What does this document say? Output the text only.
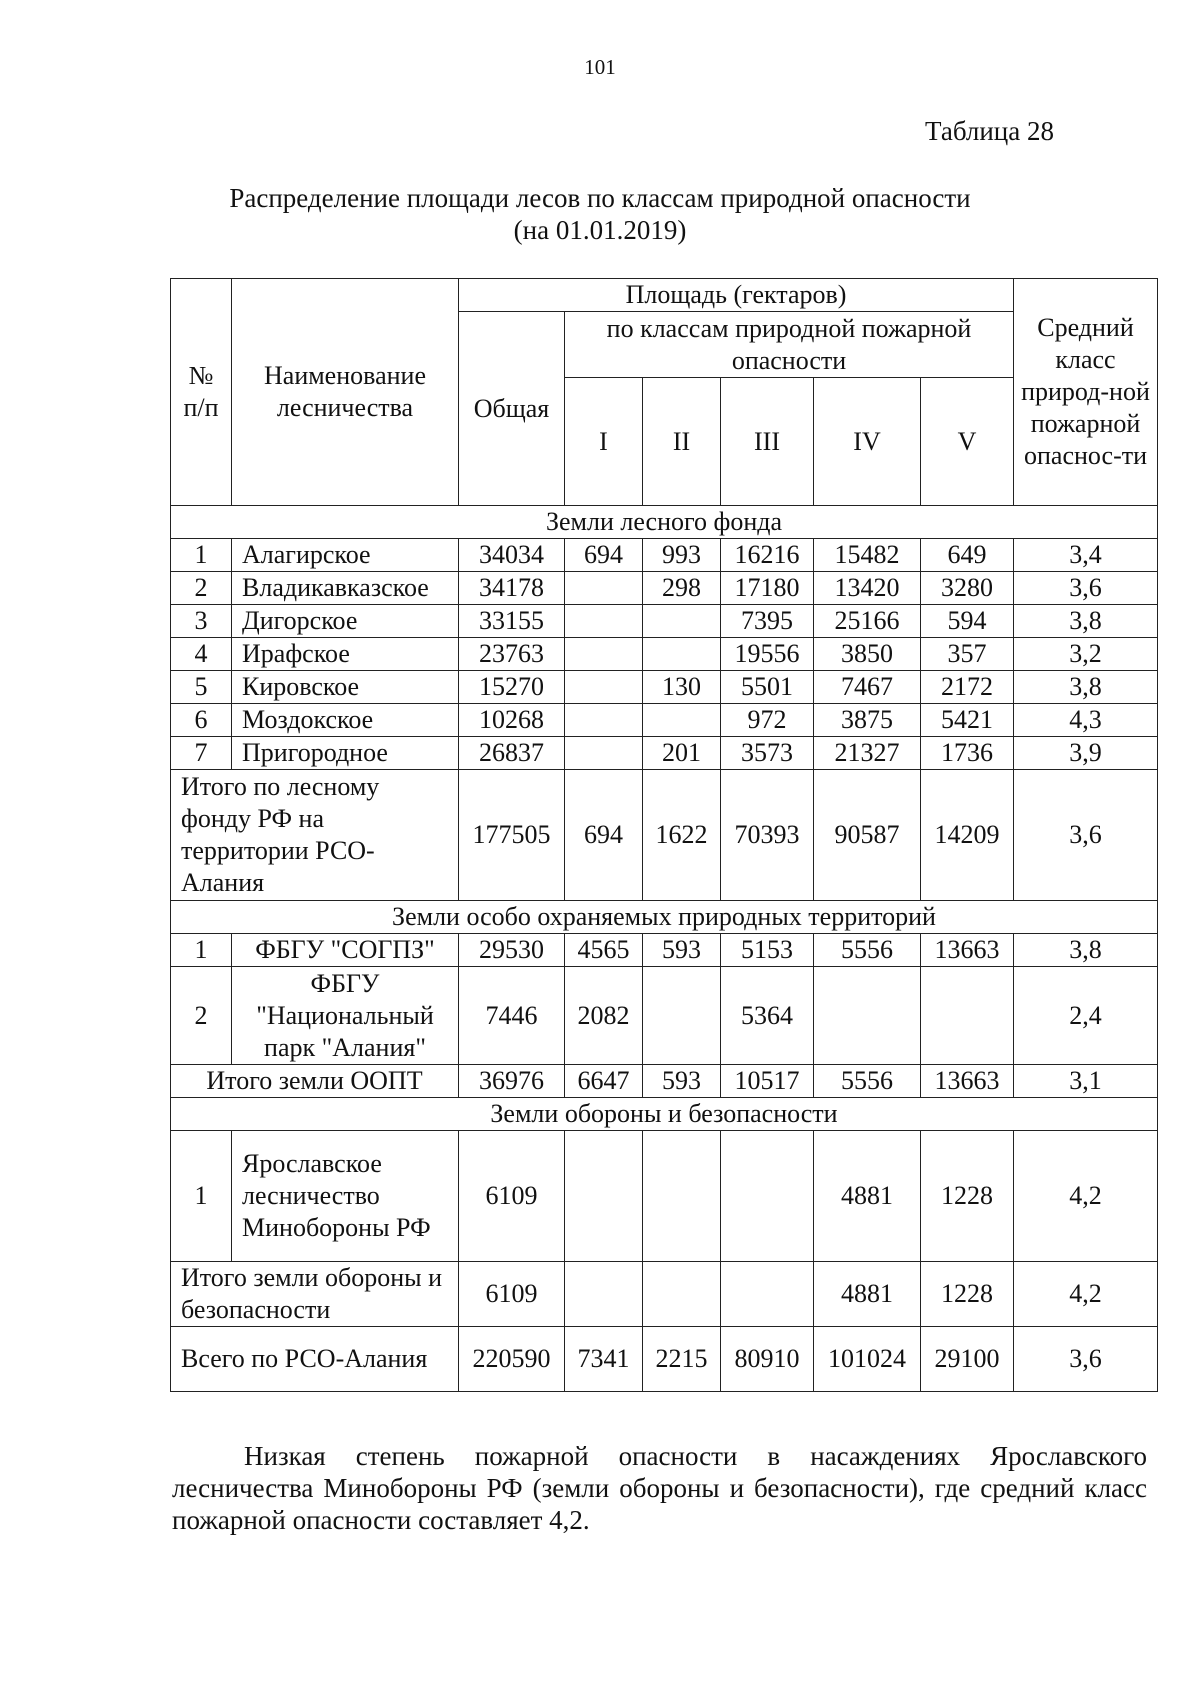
101
Таблица 28
Распределение площади лесов по классам природной опасности
(на 01.01.2019)
№ п/п	Наименование лесничества	Площадь (гектаров)						Средний класс природ-ной пожарной опаснос-ти
		Общая	по классам природной пожарной опасности					
			I	II	III	IV	V	
Земли лесного фонда								
1	Алагирское	34034	694	993	16216	15482	649	3,4
2	Владикавказское	34178		298	17180	13420	3280	3,6
3	Дигорское	33155			7395	25166	594	3,8
4	Ирафское	23763			19556	3850	357	3,2
5	Кировское	15270		130	5501	7467	2172	3,8
6	Моздокское	10268			972	3875	5421	4,3
7	Пригородное	26837		201	3573	21327	1736	3,9
Итого по лесному фонду РФ на территории РСО-Алания		177505	694	1622	70393	90587	14209	3,6
Земли особо охраняемых природных территорий								
1	ФБГУ "СОГПЗ"	29530	4565	593	5153	5556	13663	3,8
2	ФБГУ "Национальный парк "Алания"	7446	2082		5364			2,4
Итого земли ООПТ		36976	6647	593	10517	5556	13663	3,1
Земли обороны и безопасности								
1	Ярославское лесничество Минобороны РФ	6109				4881	1228	4,2
Итого земли обороны и безопасности		6109				4881	1228	4,2
Всего по РСО-Алания		220590	7341	2215	80910	101024	29100	3,6
Низкая степень пожарной опасности в насаждениях Ярославского лесничества Минобороны РФ (земли обороны и безопасности), где средний класс пожарной опасности составляет 4,2.
